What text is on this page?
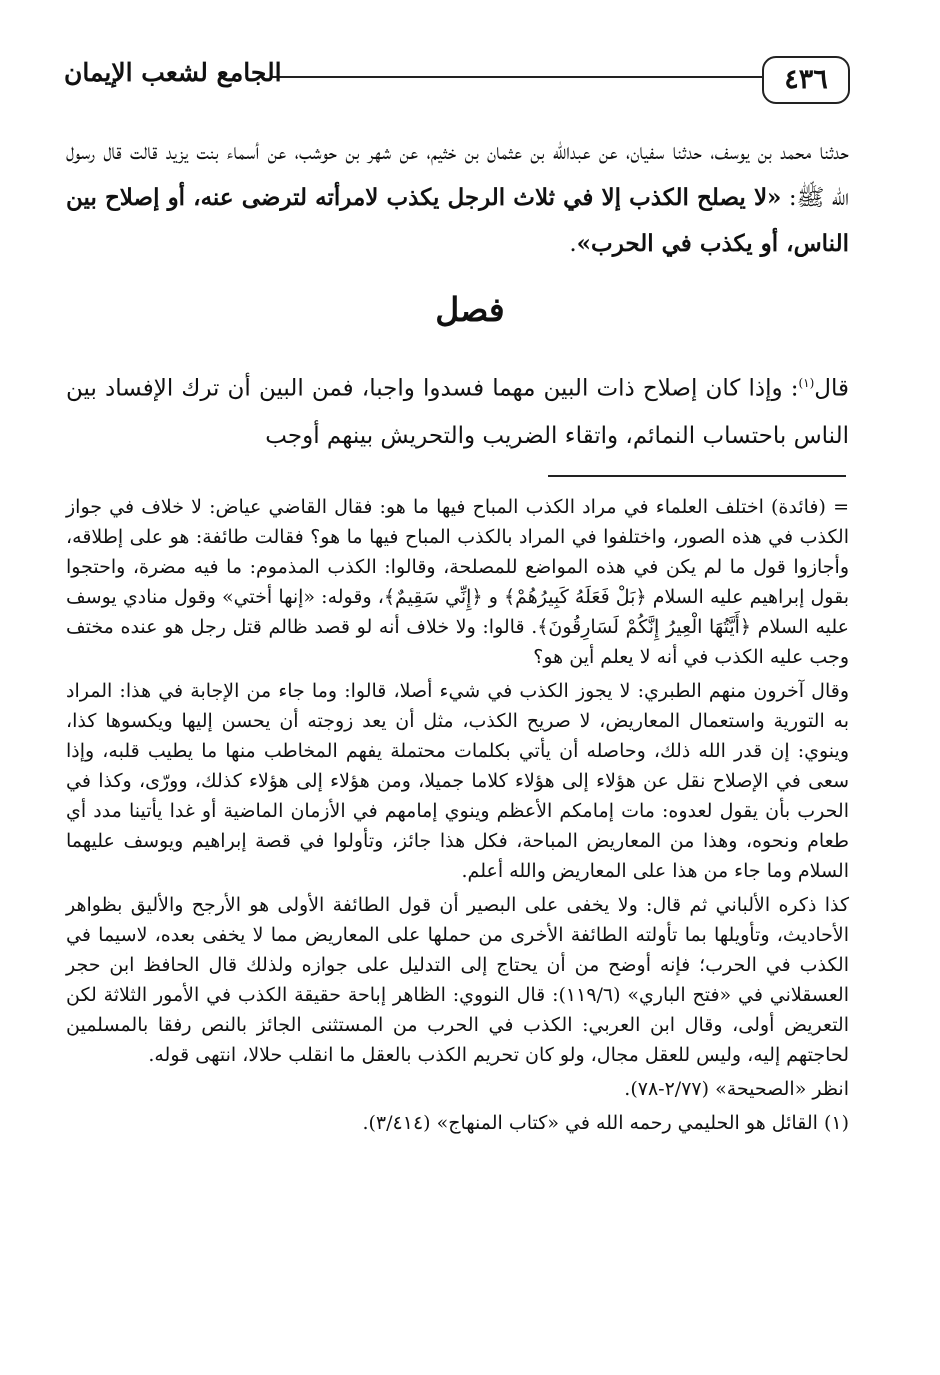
٤٣٦
الجامع لشعب الإيمان
حدثنا محمد بن يوسف، حدثنا سفيان، عن عبدالله بن عثمان بن خثيم، عن شهر بن حوشب، عن أسماء بنت يزيد قالت قال رسول الله ﷺ: «لا يصلح الكذب إلا في ثلاث الرجل يكذب لامرأته لترضى عنه، أو إصلاح بين الناس، أو يكذب في الحرب».
فصل
قال$^{(١)}$: وإذا كان إصلاح ذات البين مهما فسدوا واجبا، فمن البين أن ترك الإفساد بين الناس باحتساب النمائم، واتقاء الضريب والتحريش بينهم أوجب

= (فائدة) اختلف العلماء في مراد الكذب المباح فيها ما هو: فقال القاضي عياض: لا خلاف في جواز الكذب في هذه الصور، واختلفوا في المراد بالكذب المباح فيها ما هو؟ فقالت طائفة: هو على إطلاقه، وأجازوا قول ما لم يكن في هذه المواضع للمصلحة، وقالوا: الكذب المذموم: ما فيه مضرة، واحتجوا بقول إبراهيم عليه السلام ﴿بَلْ فَعَلَهُ كَبِيرُهُمْ﴾ و ﴿إِنِّي سَقِيمٌ﴾، وقوله: «إنها أختي» وقول منادي يوسف عليه السلام ﴿أَيَّتُهَا الْعِيرُ إِنَّكُمْ لَسَارِقُونَ﴾. قالوا: ولا خلاف أنه لو قصد ظالم قتل رجل هو عنده مختف وجب عليه الكذب في أنه لا يعلم أين هو؟

وقال آخرون منهم الطبري: لا يجوز الكذب في شيء أصلا، قالوا: وما جاء من الإجابة في هذا: المراد به التورية واستعمال المعاريض، لا صريح الكذب، مثل أن يعد زوجته أن يحسن إليها ويكسوها كذا، وينوي: إن قدر الله ذلك، وحاصله أن يأتي بكلمات محتملة يفهم المخاطب منها ما يطيب قلبه، وإذا سعى في الإصلاح نقل عن هؤلاء إلى هؤلاء كلاما جميلا، ومن هؤلاء إلى هؤلاء كذلك، وورّى، وكذا في الحرب بأن يقول لعدوه: مات إمامكم الأعظم وينوي إمامهم في الأزمان الماضية أو غدا يأتينا مدد أي طعام ونحوه، وهذا من المعاريض المباحة، فكل هذا جائز، وتأولوا في قصة إبراهيم ويوسف عليهما السلام وما جاء من هذا على المعاريض والله أعلم.

كذا ذكره الألباني ثم قال: ولا يخفى على البصير أن قول الطائفة الأولى هو الأرجح والأليق بظواهر الأحاديث، وتأويلها بما تأولته الطائفة الأخرى من حملها على المعاريض مما لا يخفى بعده، لاسيما في الكذب في الحرب؛ فإنه أوضح من أن يحتاج إلى التدليل على جوازه ولذلك قال الحافظ ابن حجر العسقلاني في «فتح الباري» (١١٩/٦): قال النووي: الظاهر إباحة حقيقة الكذب في الأمور الثلاثة لكن التعريض أولى، وقال ابن العربي: الكذب في الحرب من المستثنى الجائز بالنص رفقا بالمسلمين لحاجتهم إليه، وليس للعقل مجال، ولو كان تحريم الكذب بالعقل ما انقلب حلالا، انتهى قوله.

انظر «الصحيحة» (٢/٧٧-٧٨).

(١) القائل هو الحليمي رحمه الله في «كتاب المنهاج» (٣/٤١٤).
